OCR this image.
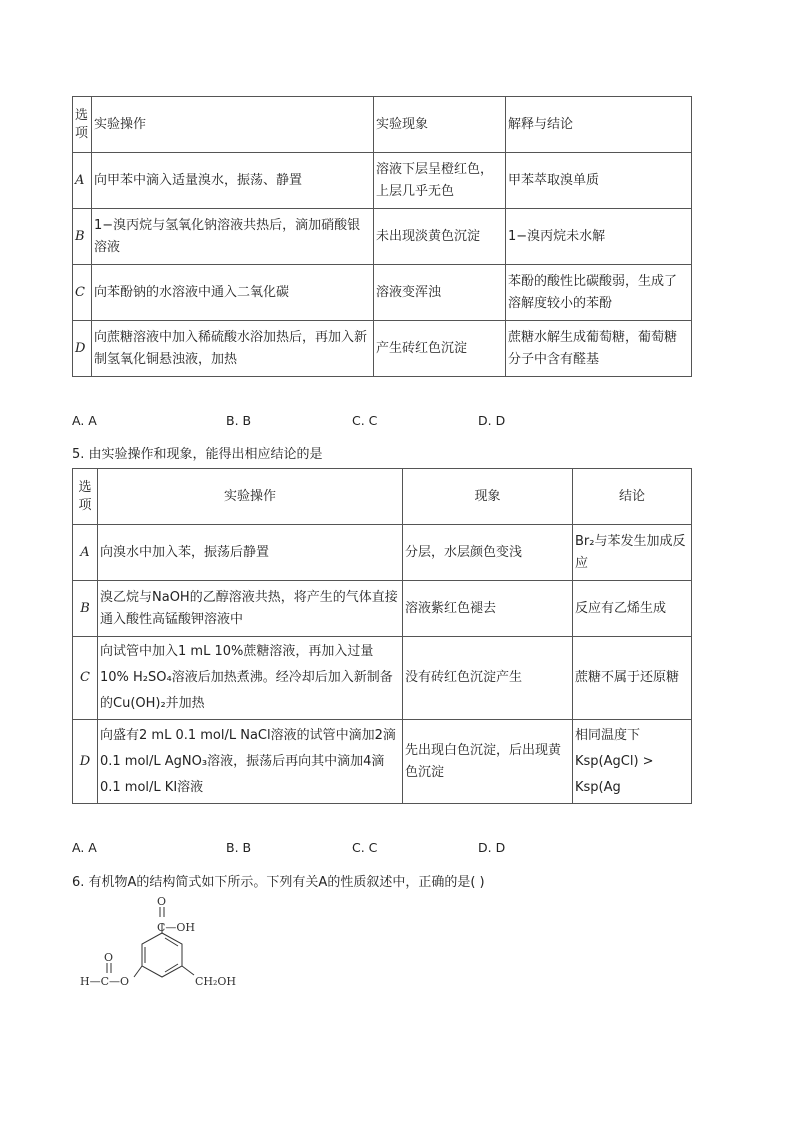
选项	实验操作	实验现象	解释与结论
A	向甲苯中滴入适量溴水，振荡、静置	溶液下层呈橙红色，上层几乎无色	甲苯萃取溴单质
B	1−溴丙烷与氢氧化钠溶液共热后，滴加硝酸银溶液	未出现淡黄色沉淀	1−溴丙烷未水解
C	向苯酚钠的水溶液中通入二氧化碳	溶液变浑浊	苯酚的酸性比碳酸弱，生成了溶解度较小的苯酚
D	向蔗糖溶液中加入稀硫酸水浴加热后，再加入新制氢氧化铜悬浊液，加热	产生砖红色沉淀	蔗糖水解生成葡萄糖，葡萄糖分子中含有醛基
A. A	B. B	C. C	D. D
5. 由实验操作和现象，能得出相应结论的是
选项	实验操作	现象	结论
A	向溴水中加入苯，振荡后静置	分层，水层颜色变浅	Br₂与苯发生加成反应
B	溴乙烷与NaOH的乙醇溶液共热，将产生的气体直接通入酸性高锰酸钾溶液中	溶液紫红色褪去	反应有乙烯生成
C	向试管中加入1 mL 10%蔗糖溶液，再加入过量10% H₂SO₄溶液后加热煮沸。经冷却后加入新制备的Cu(OH)₂并加热	没有砖红色沉淀产生	蔗糖不属于还原糖
D	向盛有2 mL 0.1 mol/L NaCl溶液的试管中滴加2滴0.1 mol/L AgNO₃溶液，振荡后再向其中滴加4滴0.1 mol/L KI溶液	先出现白色沉淀，后出现黄色沉淀	相同温度下 Ksp(AgCl) > Ksp(Ag
A. A	B. B	C. C	D. D
6. 有机物A的结构简式如下所示。下列有关A的性质叙述中，正确的是( )
O
C—OH
O
H—C—O	CH₂OH
